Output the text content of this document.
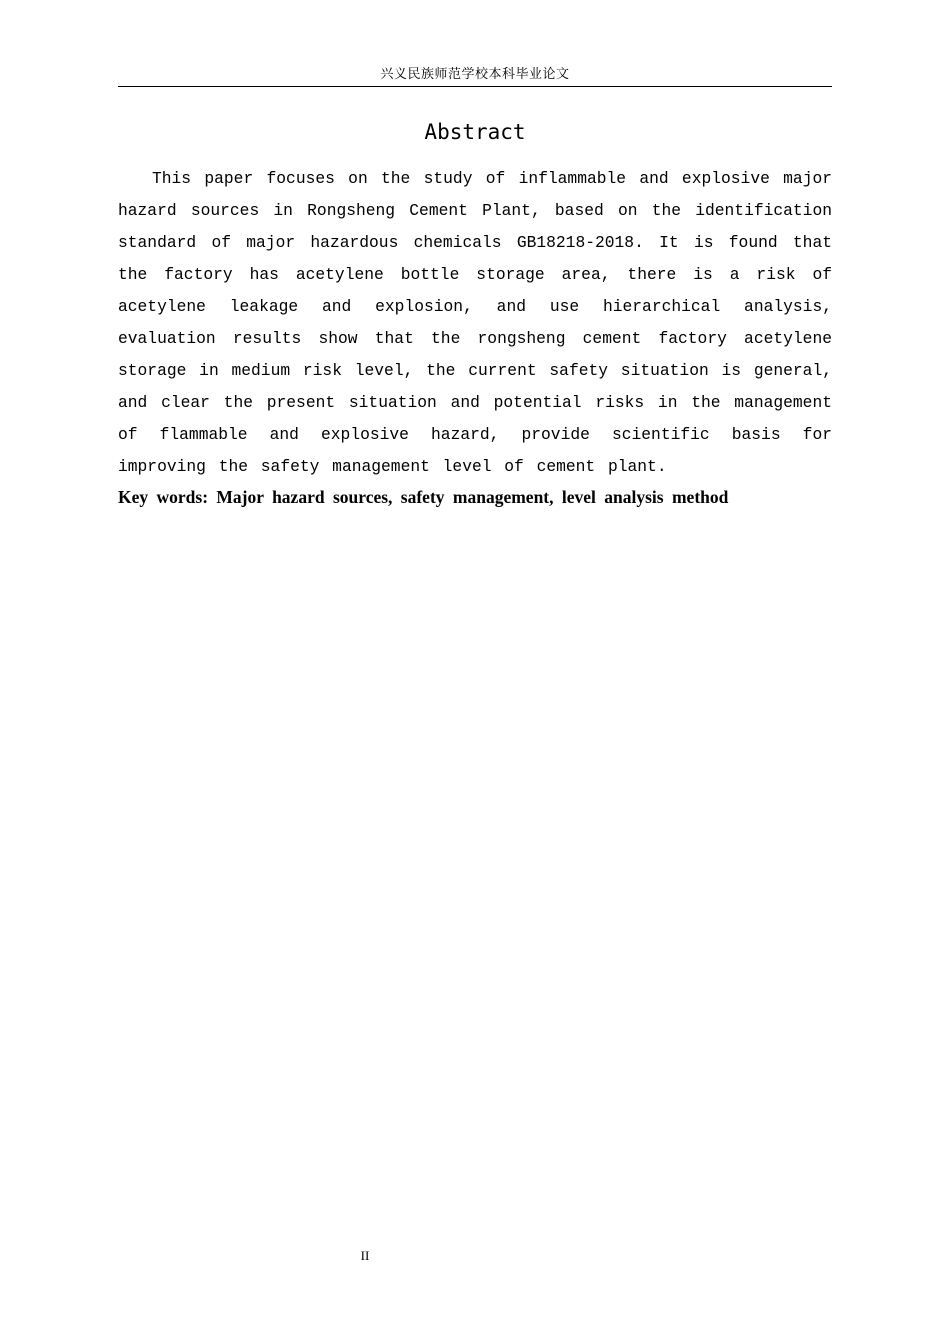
兴义民族师范学校本科毕业论文
Abstract

This paper focuses on the study of inflammable and explosive major hazard sources in Rongsheng Cement Plant, based on the identification standard of major hazardous chemicals GB18218-2018. It is found that the factory has acetylene bottle storage area, there is a risk of acetylene leakage and explosion, and use hierarchical analysis, evaluation results show that the rongsheng cement factory acetylene storage in medium risk level, the current safety situation is general, and clear the present situation and potential risks in the management of flammable and explosive hazard, provide scientific basis for improving the safety management level of cement plant.

Key words: Major hazard sources, safety management, level analysis method

II
